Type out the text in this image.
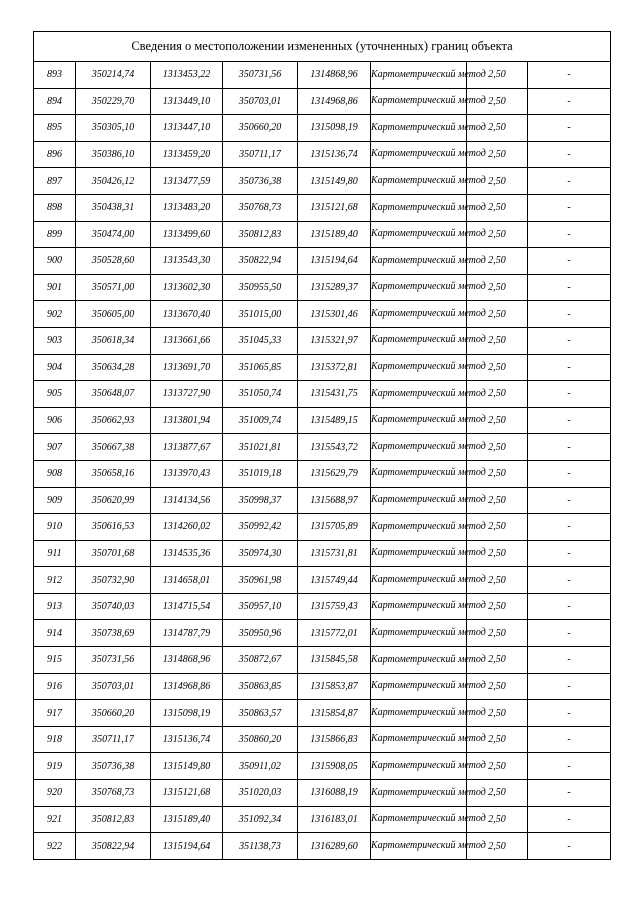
Сведения о местоположении измененных (уточненных) границ объекта							
893	350214,74	1313453,22	350731,56	1314868,96	Картометрический метод	2,50	-
894	350229,70	1313449,10	350703,01	1314968,86	Картометрический метод	2,50	-
895	350305,10	1313447,10	350660,20	1315098,19	Картометрический метод	2,50	-
896	350386,10	1313459,20	350711,17	1315136,74	Картометрический метод	2,50	-
897	350426,12	1313477,59	350736,38	1315149,80	Картометрический метод	2,50	-
898	350438,31	1313483,20	350768,73	1315121,68	Картометрический метод	2,50	-
899	350474,00	1313499,60	350812,83	1315189,40	Картометрический метод	2,50	-
900	350528,60	1313543,30	350822,94	1315194,64	Картометрический метод	2,50	-
901	350571,00	1313602,30	350955,50	1315289,37	Картометрический метод	2,50	-
902	350605,00	1313670,40	351015,00	1315301,46	Картометрический метод	2,50	-
903	350618,34	1313661,66	351045,33	1315321,97	Картометрический метод	2,50	-
904	350634,28	1313691,70	351065,85	1315372,81	Картометрический метод	2,50	-
905	350648,07	1313727,90	351050,74	1315431,75	Картометрический метод	2,50	-
906	350662,93	1313801,94	351009,74	1315489,15	Картометрический метод	2,50	-
907	350667,38	1313877,67	351021,81	1315543,72	Картометрический метод	2,50	-
908	350658,16	1313970,43	351019,18	1315629,79	Картометрический метод	2,50	-
909	350620,99	1314134,56	350998,37	1315688,97	Картометрический метод	2,50	-
910	350616,53	1314260,02	350992,42	1315705,89	Картометрический метод	2,50	-
911	350701,68	1314535,36	350974,30	1315731,81	Картометрический метод	2,50	-
912	350732,90	1314658,01	350961,98	1315749,44	Картометрический метод	2,50	-
913	350740,03	1314715,54	350957,10	1315759,43	Картометрический метод	2,50	-
914	350738,69	1314787,79	350950,96	1315772,01	Картометрический метод	2,50	-
915	350731,56	1314868,96	350872,67	1315845,58	Картометрический метод	2,50	-
916	350703,01	1314968,86	350863,85	1315853,87	Картометрический метод	2,50	-
917	350660,20	1315098,19	350863,57	1315854,87	Картометрический метод	2,50	-
918	350711,17	1315136,74	350860,20	1315866,83	Картометрический метод	2,50	-
919	350736,38	1315149,80	350911,02	1315908,05	Картометрический метод	2,50	-
920	350768,73	1315121,68	351020,03	1316088,19	Картометрический метод	2,50	-
921	350812,83	1315189,40	351092,34	1316183,01	Картометрический метод	2,50	-
922	350822,94	1315194,64	351138,73	1316289,60	Картометрический метод	2,50	-
